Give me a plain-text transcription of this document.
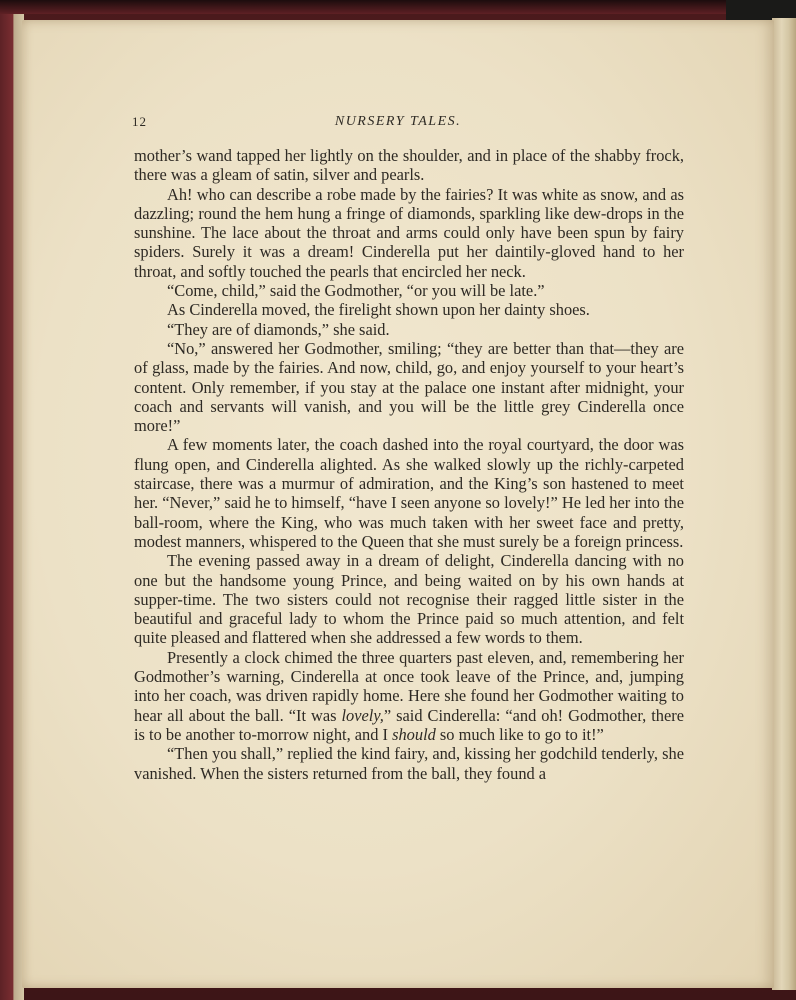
12	NURSERY TALES.

mother’s wand tapped her lightly on the shoulder, and in place of the shabby frock, there was a gleam of satin, silver and pearls.

Ah! who can describe a robe made by the fairies? It was white as snow, and as dazzling; round the hem hung a fringe of diamonds, sparkling like dew-drops in the sunshine. The lace about the throat and arms could only have been spun by fairy spiders. Surely it was a dream! Cinderella put her daintily-gloved hand to her throat, and softly touched the pearls that encircled her neck.

“Come, child,” said the Godmother, “or you will be late.”

As Cinderella moved, the firelight shown upon her dainty shoes.

“They are of diamonds,” she said.

“No,” answered her Godmother, smiling; “they are better than that—they are of glass, made by the fairies. And now, child, go, and enjoy yourself to your heart’s content. Only remember, if you stay at the palace one instant after midnight, your coach and servants will vanish, and you will be the little grey Cinderella once more!”

A few moments later, the coach dashed into the royal courtyard, the door was flung open, and Cinderella alighted. As she walked slowly up the richly-carpeted staircase, there was a murmur of admiration, and the King’s son hastened to meet her. “Never,” said he to himself, “have I seen anyone so lovely!” He led her into the ball-room, where the King, who was much taken with her sweet face and pretty, modest manners, whispered to the Queen that she must surely be a foreign princess.

The evening passed away in a dream of delight, Cinderella dancing with no one but the handsome young Prince, and being waited on by his own hands at supper-time. The two sisters could not recognise their ragged little sister in the beautiful and graceful lady to whom the Prince paid so much attention, and felt quite pleased and flattered when she addressed a few words to them.

Presently a clock chimed the three quarters past eleven, and, remembering her Godmother’s warning, Cinderella at once took leave of the Prince, and, jumping into her coach, was driven rapidly home. Here she found her Godmother waiting to hear all about the ball. “It was lovely,” said Cinderella: “and oh! Godmother, there is to be another to-morrow night, and I should so much like to go to it!”

“Then you shall,” replied the kind fairy, and, kissing her godchild tenderly, she vanished. When the sisters returned from the ball, they found a
